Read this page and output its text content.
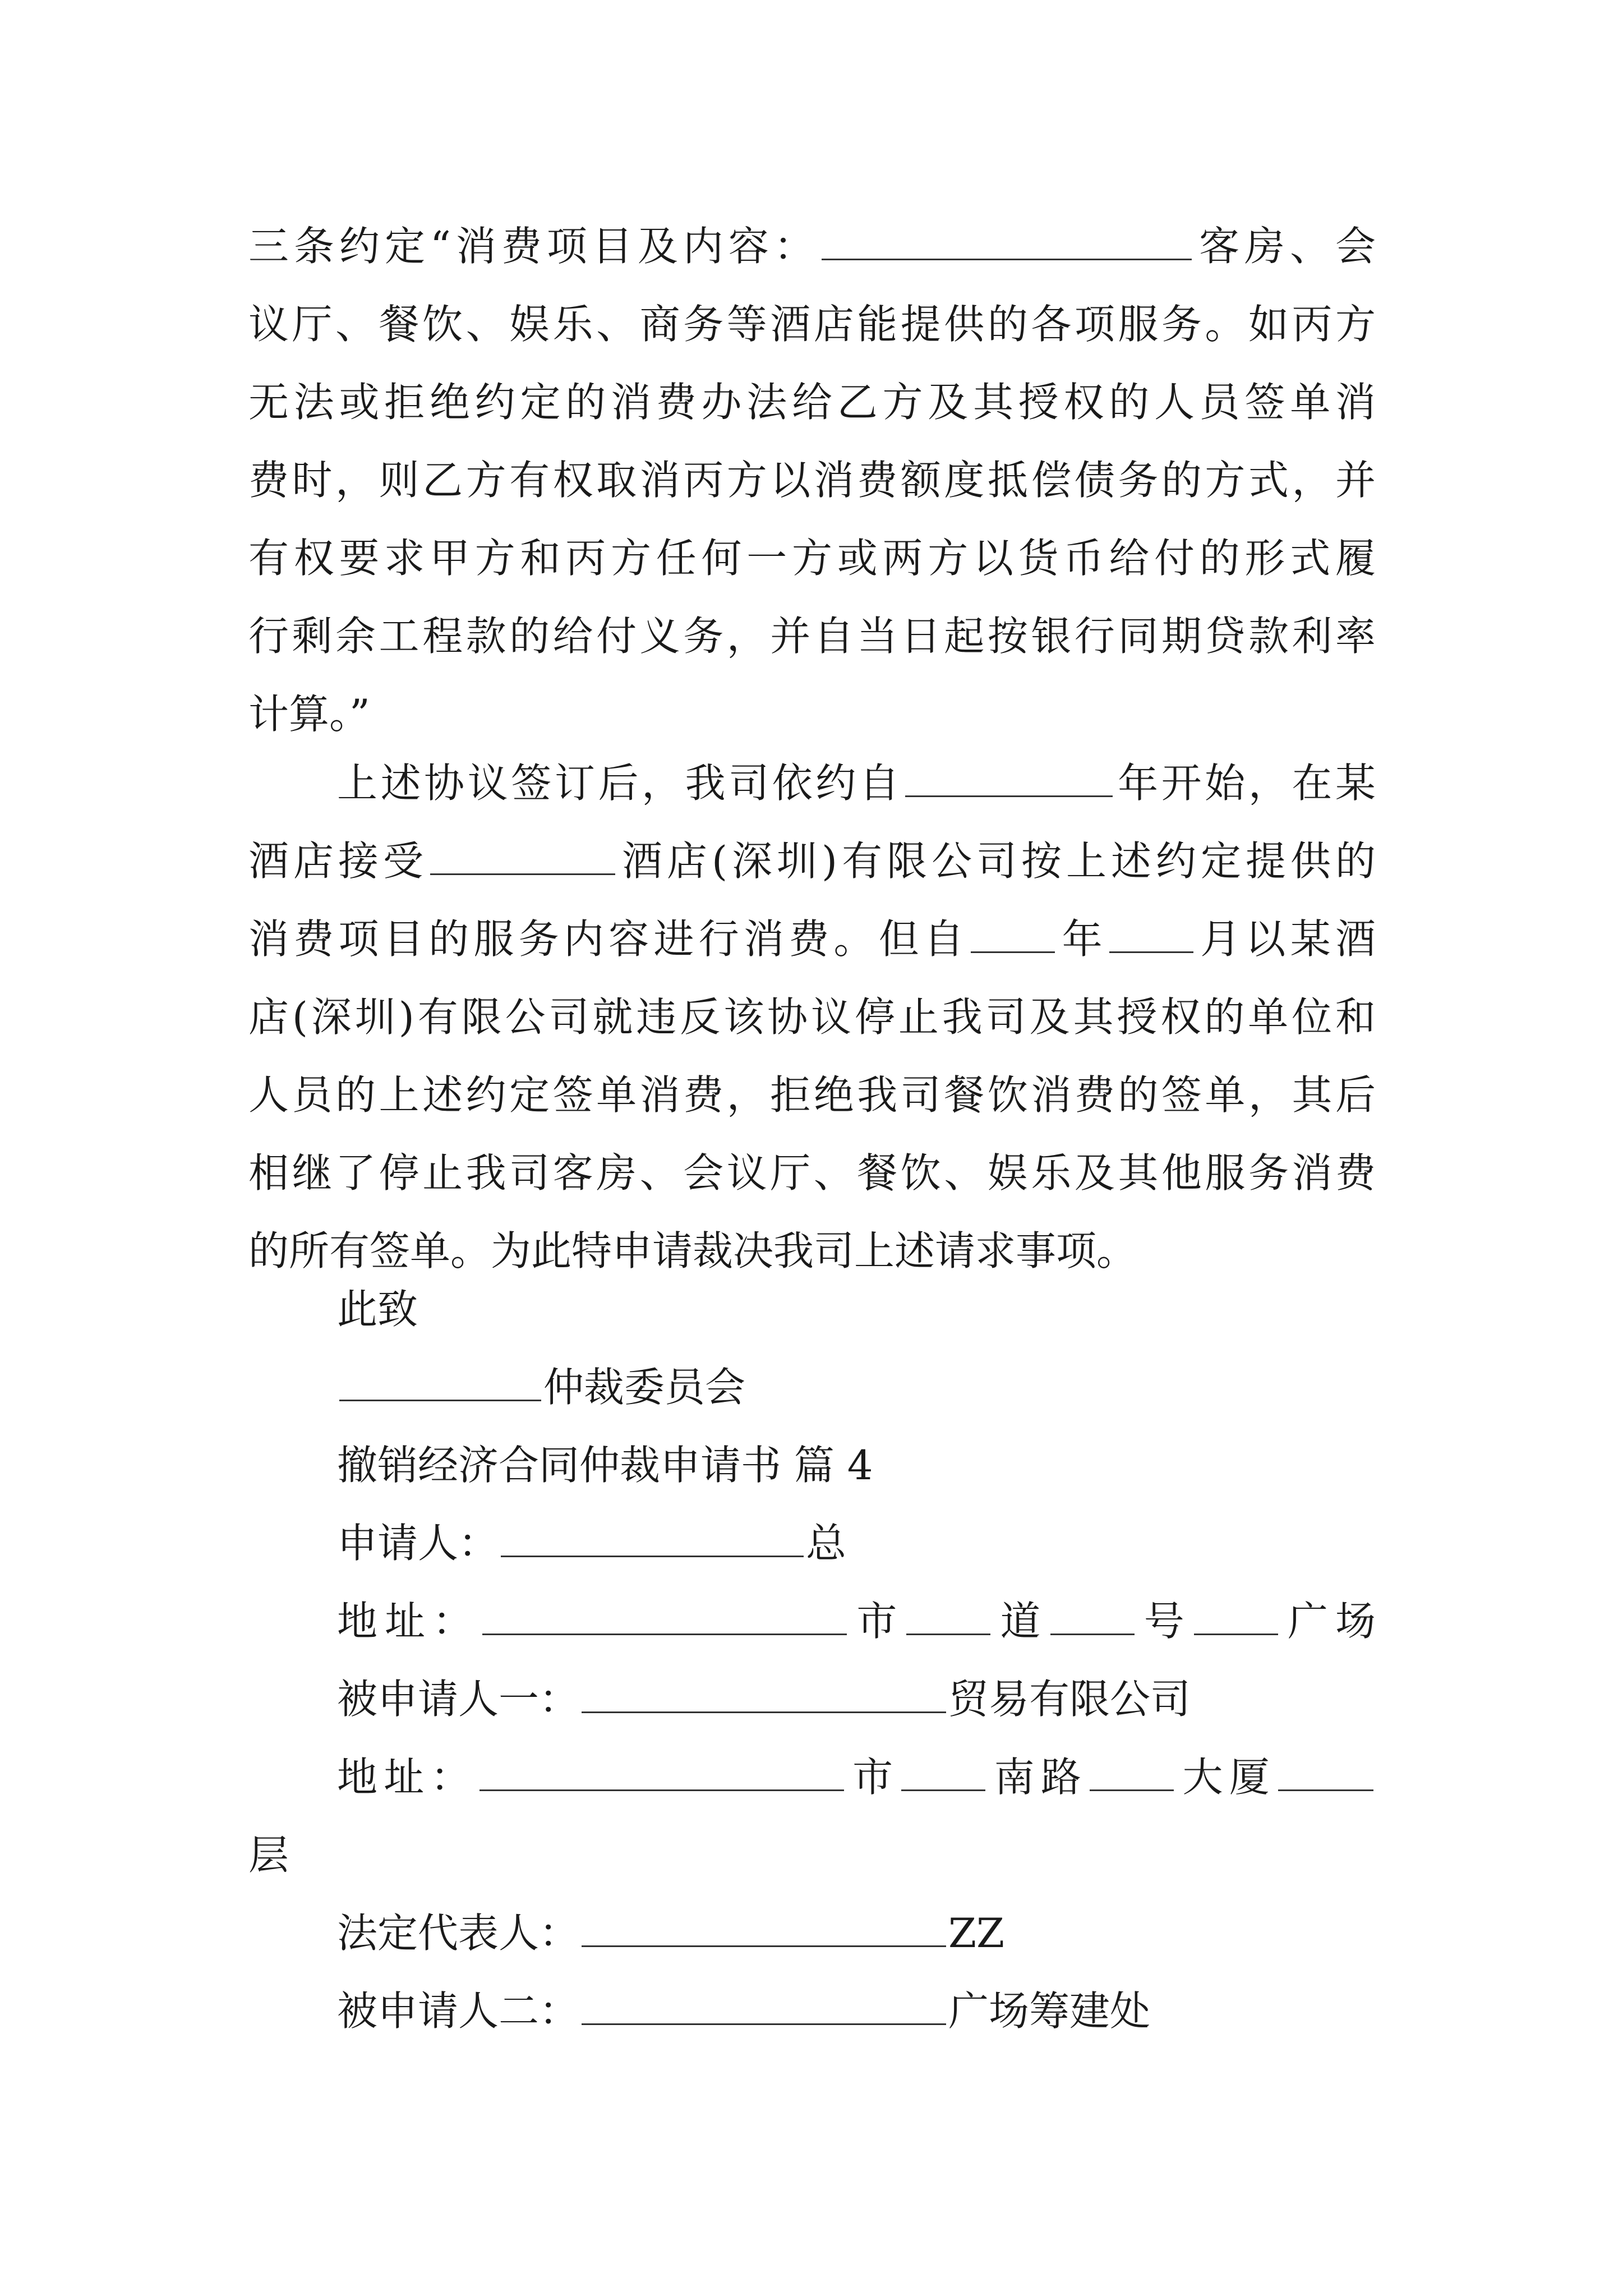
三条约定“消费项目及内容：	客房、会
议厅、餐饮、娱乐、商务等酒店能提供的各项服务。如丙方
无法或拒绝约定的消费办法给乙方及其授权的人员签单消
费时，则乙方有权取消丙方以消费额度抵偿债务的方式，并
有权要求甲方和丙方任何一方或两方以货币给付的形式履
行剩余工程款的给付义务，并自当日起按银行同期贷款利率
计算。”
上述协议签订后，我司依约自	年开始，在某
酒店接受	酒店(深圳)有限公司按上述约定提供的
消费项目的服务内容进行消费。但自 年 月以某酒
店(深圳)有限公司就违反该协议停止我司及其授权的单位和
人员的上述约定签单消费，拒绝我司餐饮消费的签单，其后
相继了停止我司客房、会议厅、餐饮、娱乐及其他服务消费
的所有签单。为此特申请裁决我司上述请求事项。
此致
仲裁委员会
撤销经济合同仲裁申请书 篇 4
申请人：	总
地址：	市 道 号 广场
被申请人一：	贸易有限公司
地址：	市 南路 大厦
层
法定代表人：	ZZ
被申请人二：	广场筹建处
